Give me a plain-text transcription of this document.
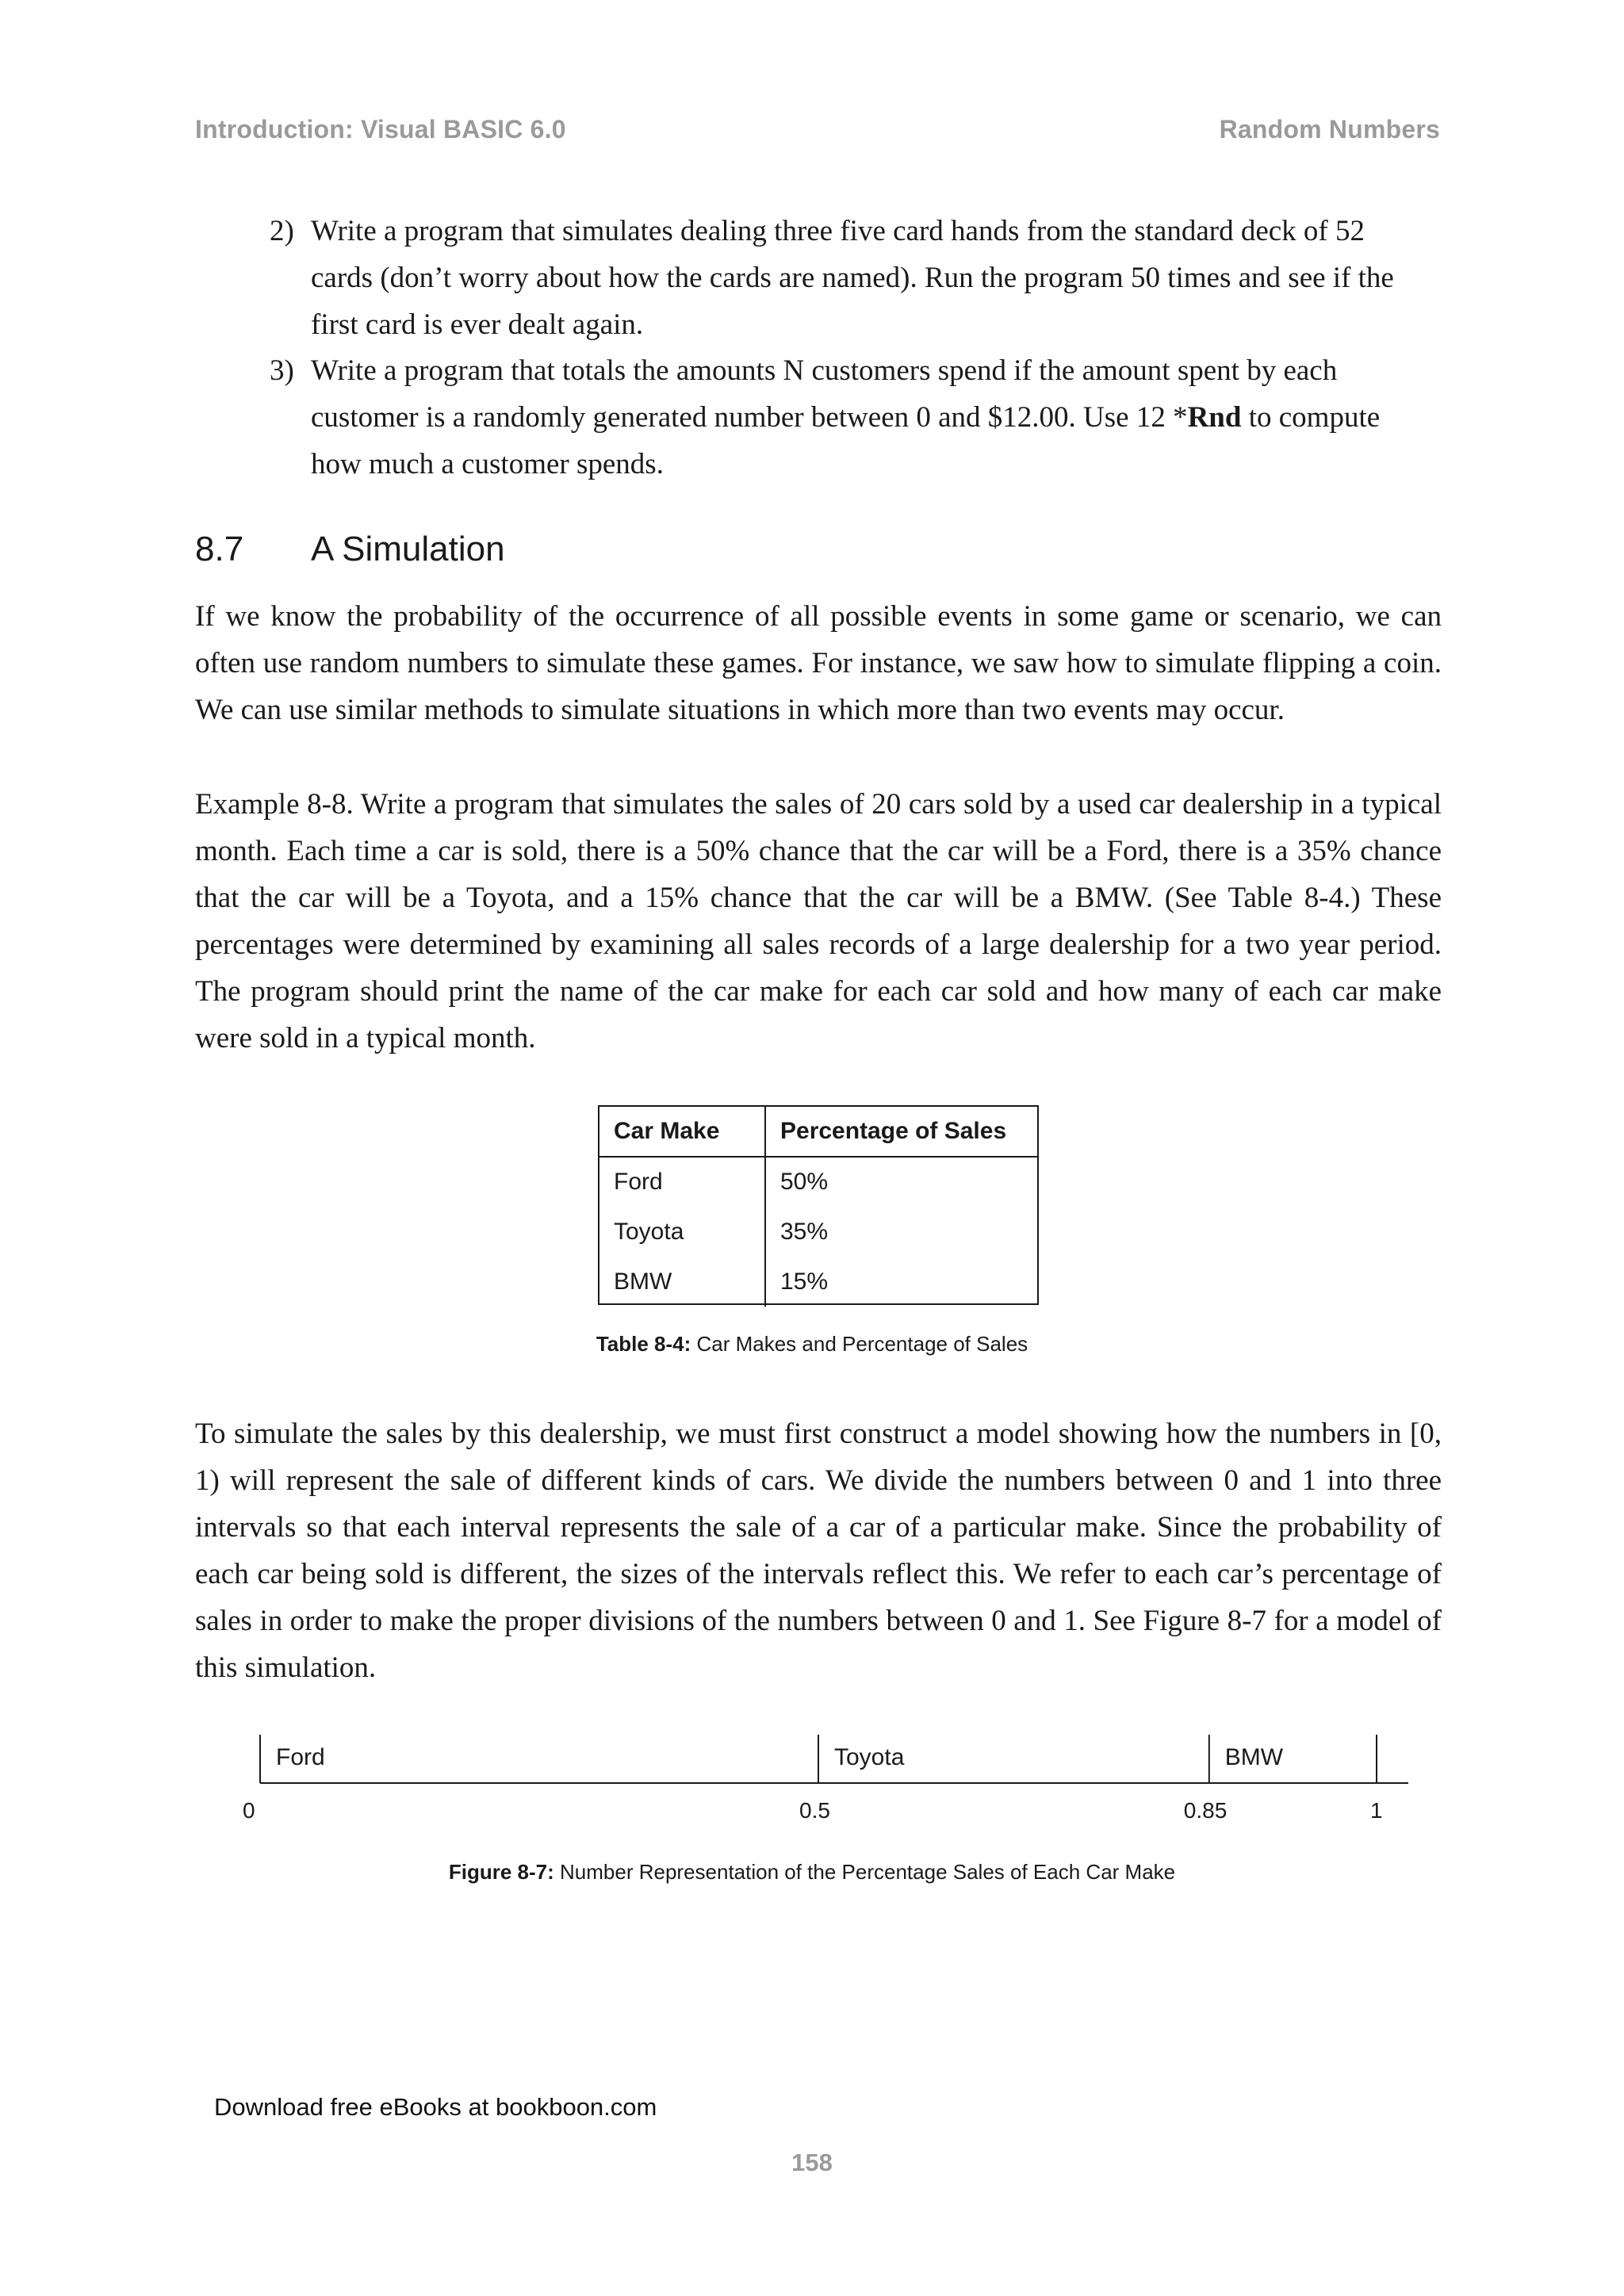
Introduction: Visual BASIC 6.0	Random Numbers
2) Write a program that simulates dealing three five card hands from the standard deck of 52 cards (don’t worry about how the cards are named). Run the program 50 times and see if the first card is ever dealt again.
3) Write a program that totals the amounts N customers spend if the amount spent by each customer is a randomly generated number between 0 and $12.00. Use 12 *Rnd to compute how much a customer spends.
8.7 A Simulation

If we know the probability of the occurrence of all possible events in some game or scenario, we can often use random numbers to simulate these games. For instance, we saw how to simulate flipping a coin. We can use similar methods to simulate situations in which more than two events may occur.

Example 8-8. Write a program that simulates the sales of 20 cars sold by a used car dealership in a typical month. Each time a car is sold, there is a 50% chance that the car will be a Ford, there is a 35% chance that the car will be a Toyota, and a 15% chance that the car will be a BMW. (See Table 8-4.) These percentages were determined by examining all sales records of a large dealership for a two year period. The program should print the name of the car make for each car sold and how many of each car make were sold in a typical month.

Car Make	Percentage of Sales
Ford	50%
Toyota	35%
BMW	15%
Table 8-4: Car Makes and Percentage of Sales

To simulate the sales by this dealership, we must first construct a model showing how the numbers in [0, 1) will represent the sale of different kinds of cars. We divide the numbers between 0 and 1 into three intervals so that each interval represents the sale of a car of a particular make. Since the probability of each car being sold is different, the sizes of the intervals reflect this. We refer to each car’s percentage of sales in order to make the proper divisions of the numbers between 0 and 1. See Figure 8-7 for a model of this simulation.

Ford	Toyota	BMW
0	0.5	0.85	1
Figure 8-7: Number Representation of the Percentage Sales of Each Car Make
Download free eBooks at bookboon.com
158
